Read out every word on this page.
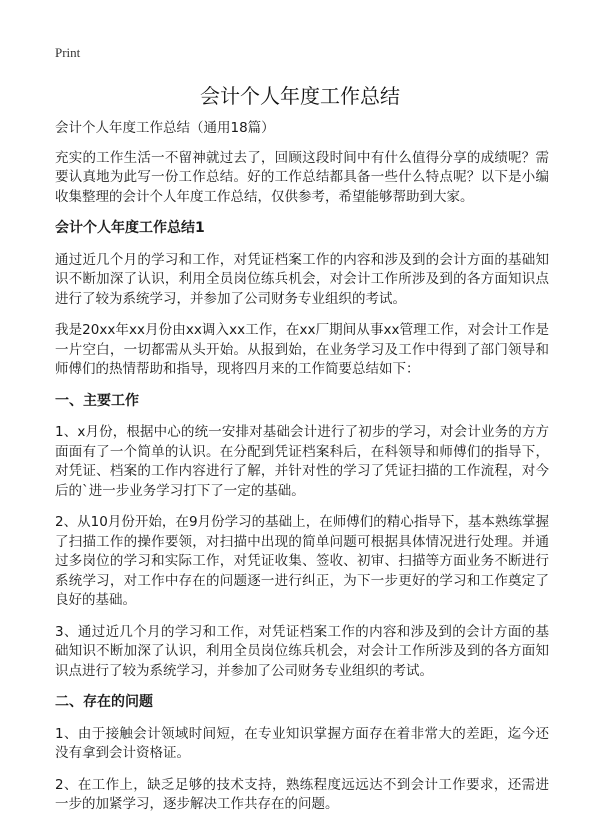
Print
会计个人年度工作总结

会计个人年度工作总结（通用18篇）

充实的工作生活一不留神就过去了，回顾这段时间中有什么值得分享的成绩呢？需要认真地为此写一份工作总结。好的工作总结都具备一些什么特点呢？以下是小编收集整理的会计个人年度工作总结，仅供参考，希望能够帮助到大家。

会计个人年度工作总结1

通过近几个月的学习和工作，对凭证档案工作的内容和涉及到的会计方面的基础知识不断加深了认识，利用全员岗位练兵机会，对会计工作所涉及到的各方面知识点进行了较为系统学习，并参加了公司财务专业组织的考试。

我是20xx年xx月份由xx调入xx工作，在xx厂期间从事xx管理工作，对会计工作是一片空白，一切都需从头开始。从报到始，在业务学习及工作中得到了部门领导和师傅们的热情帮助和指导，现将四月来的工作简要总结如下：

一、主要工作

1、x月份，根据中心的统一安排对基础会计进行了初步的学习，对会计业务的方方面面有了一个简单的认识。在分配到凭证档案科后，在科领导和师傅们的指导下，对凭证、档案的工作内容进行了解，并针对性的学习了凭证扫描的工作流程，对今后的`进一步业务学习打下了一定的基础。

2、从10月份开始，在9月份学习的基础上，在师傅们的精心指导下，基本熟练掌握了扫描工作的操作要领，对扫描中出现的简单问题可根据具体情况进行处理。并通过多岗位的学习和实际工作，对凭证收集、签收、初审、扫描等方面业务不断进行系统学习，对工作中存在的问题逐一进行纠正，为下一步更好的学习和工作奠定了良好的基础。

3、通过近几个月的学习和工作，对凭证档案工作的内容和涉及到的会计方面的基础知识不断加深了认识，利用全员岗位练兵机会，对会计工作所涉及到的各方面知识点进行了较为系统学习，并参加了公司财务专业组织的考试。

二、存在的问题

1、由于接触会计领域时间短，在专业知识掌握方面存在着非常大的差距，迄今还没有拿到会计资格证。

2、在工作上，缺乏足够的技术支持，熟练程度远远达不到会计工作要求，还需进一步的加紧学习，逐步解决工作共存在的问题。
